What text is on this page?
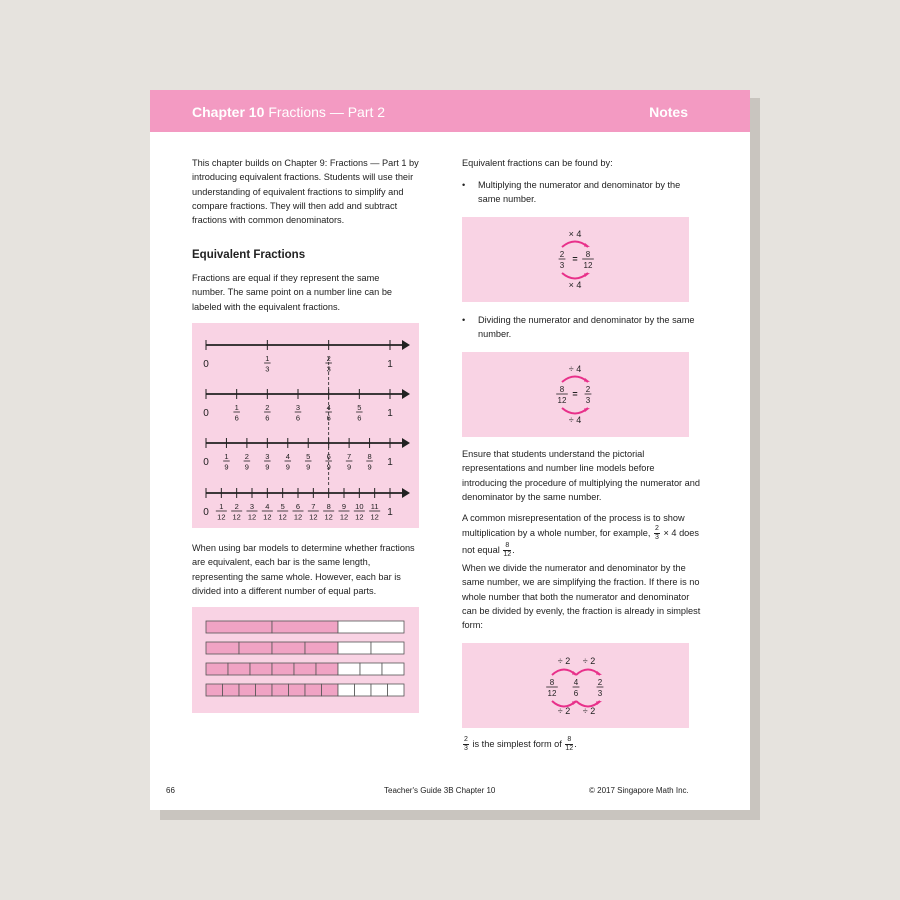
Chapter 10 Fractions — Part 2	Notes
This chapter builds on Chapter 9: Fractions — Part 1 by introducing equivalent fractions. Students will use their understanding of equivalent fractions to simplify and compare fractions. They will then add and subtract fractions with common denominators.
Equivalent Fractions
Fractions are equal if they represent the same number. The same point on a number line can be labeled with the equivalent fractions.
0	1
1
3
2
3
0	1
1
6
2
6
3
6
4
6
5
6
0	1
1
9
2
9
3
9
4
9
5
9
6
9
7
9
8
9
0	1
1
12
2
12
3
12
4
12
5
12
6
12
7
12
8
12
9
12
10
12
11
12
When using bar models to determine whether fractions are equivalent, each bar is the same length, representing the same whole. However, each bar is divided into a different number of equal parts.
Equivalent fractions can be found by:
• Multiplying the numerator and denominator by the same number.
× 4
× 4
2
3
= 8
12
• Dividing the numerator and denominator by the same number.
÷ 4
÷ 4
8
12
= 2
3
Ensure that students understand the pictorial representations and number line models before introducing the procedure of multiplying the numerator and denominator by the same number.
A common misrepresentation of the process is to show multiplication by a whole number, for example, $\frac{2}{3} \times 4$ does not equal $\frac{8}{12}$ .
When we divide the numerator and denominator by the same number, we are simplifying the fraction. If there is no whole number that both the numerator and denominator can be divided by evenly, the fraction is already in simplest form:
8
12
4
6
2
3
÷ 2 ÷ 2
÷ 2 ÷ 2
$\frac{2}{3}$ is the simplest form of $\frac{8}{12}$ .
66	Teacher's Guide 3B Chapter 10	© 2017 Singapore Math Inc.
